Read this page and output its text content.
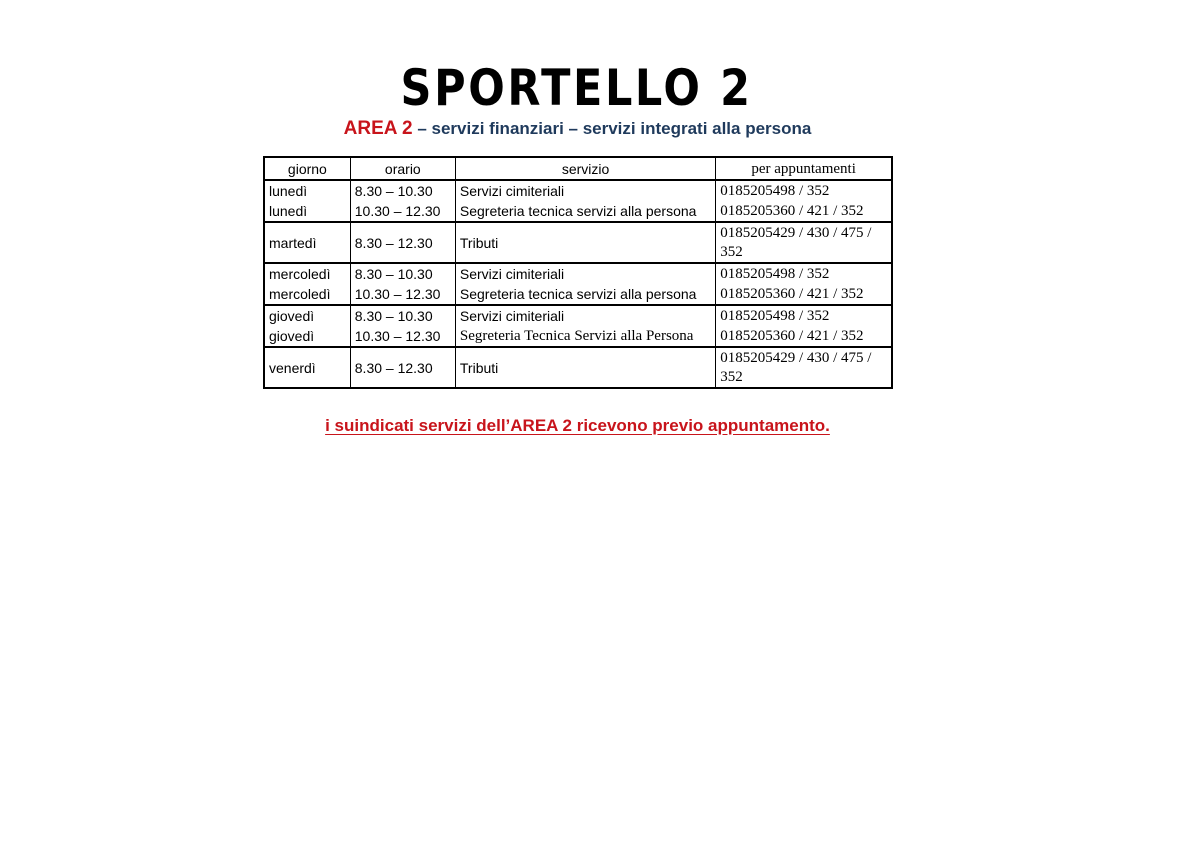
SPORTELLO 2
AREA 2 – servizi finanziari – servizi integrati alla persona
giorno	orario	servizio	per appuntamenti
lunedì	8.30 – 10.30	Servizi cimiteriali	0185205498 / 352
lunedì	10.30 – 12.30	Segreteria tecnica servizi alla persona	0185205360 / 421 / 352
martedì	8.30 – 12.30	Tributi	0185205429 / 430 / 475 / 352
mercoledì	8.30 – 10.30	Servizi cimiteriali	0185205498 / 352
mercoledì	10.30 – 12.30	Segreteria tecnica servizi alla persona	0185205360 / 421 / 352
giovedì	8.30 – 10.30	Servizi cimiteriali	0185205498 / 352
giovedì	10.30 – 12.30	Segreteria Tecnica Servizi alla Persona	0185205360 / 421 / 352
venerdì	8.30 – 12.30	Tributi	0185205429 / 430 / 475 / 352
i suindicati servizi dell’AREA 2 ricevono previo appuntamento.
